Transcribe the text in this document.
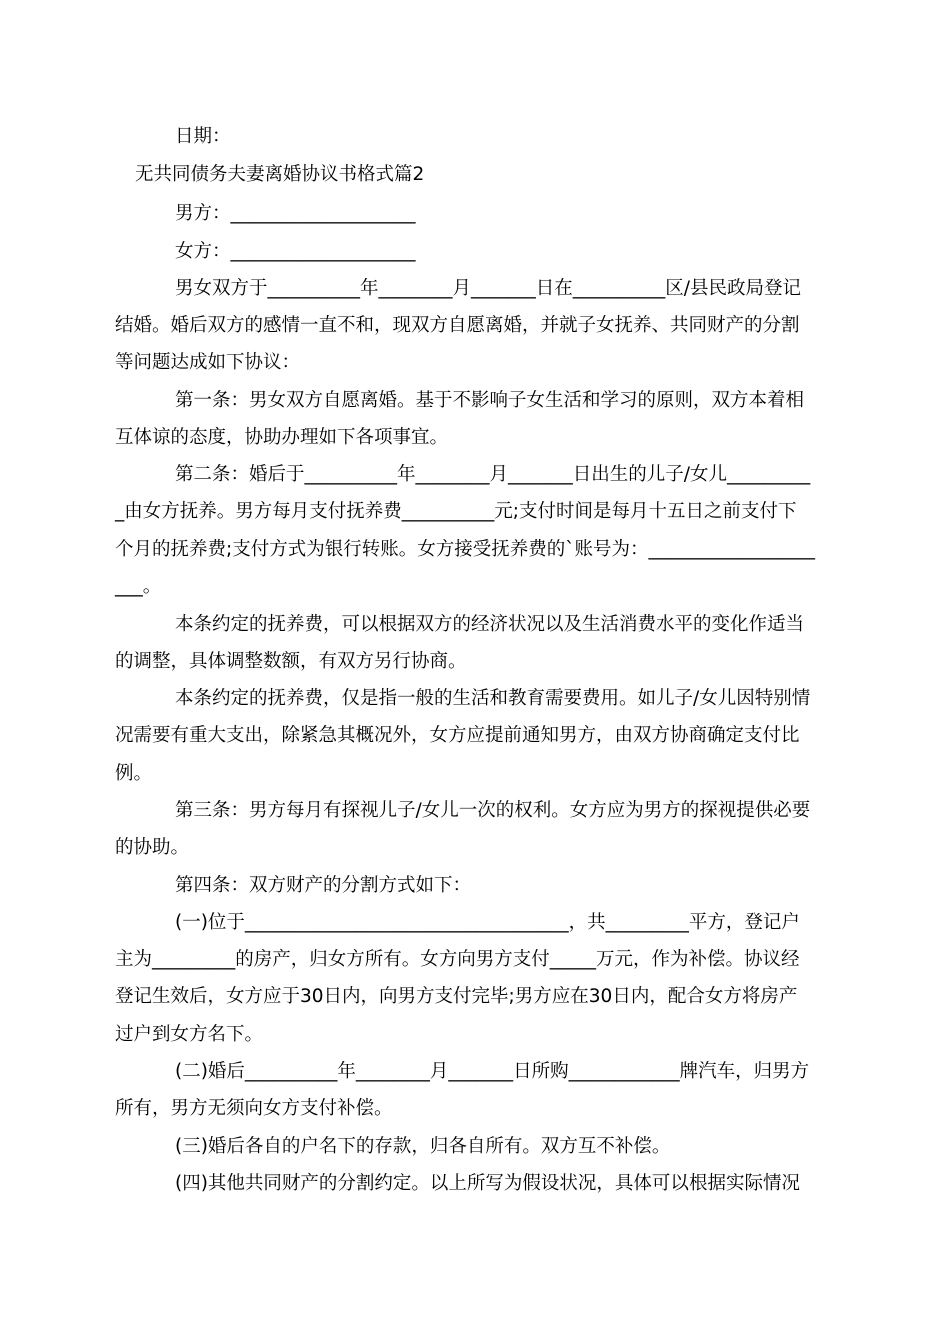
日期：
无共同债务夫妻离婚协议书格式篇2
男方：____________________
女方：____________________
男女双方于__________年________月_______日在__________区/县民政局登记
结婚。婚后双方的感情一直不和，现双方自愿离婚，并就子女抚养、共同财产的分割
等问题达成如下协议：
第一条：男女双方自愿离婚。基于不影响子女生活和学习的原则，双方本着相
互体谅的态度，协助办理如下各项事宜。
第二条：婚后于__________年________月_______日出生的儿子/女儿_________
_由女方抚养。男方每月支付抚养费__________元;支付时间是每月十五日之前支付下
个月的抚养费;支付方式为银行转账。女方接受抚养费的`账号为：__________________
___。
本条约定的抚养费，可以根据双方的经济状况以及生活消费水平的变化作适当
的调整，具体调整数额，有双方另行协商。
本条约定的抚养费，仅是指一般的生活和教育需要费用。如儿子/女儿因特别情
况需要有重大支出，除紧急其概况外，女方应提前通知男方，由双方协商确定支付比
例。
第三条：男方每月有探视儿子/女儿一次的权利。女方应为男方的探视提供必要
的协助。
第四条：双方财产的分割方式如下：
(一)位于___________________________________，共_________平方，登记户
主为_________的房产，归女方所有。女方向男方支付_____万元，作为补偿。协议经
登记生效后，女方应于30日内，向男方支付完毕;男方应在30日内，配合女方将房产
过户到女方名下。
(二)婚后__________年________月_______日所购____________牌汽车，归男方
所有，男方无须向女方支付补偿。
(三)婚后各自的户名下的存款，归各自所有。双方互不补偿。
(四)其他共同财产的分割约定。以上所写为假设状况，具体可以根据实际情况
